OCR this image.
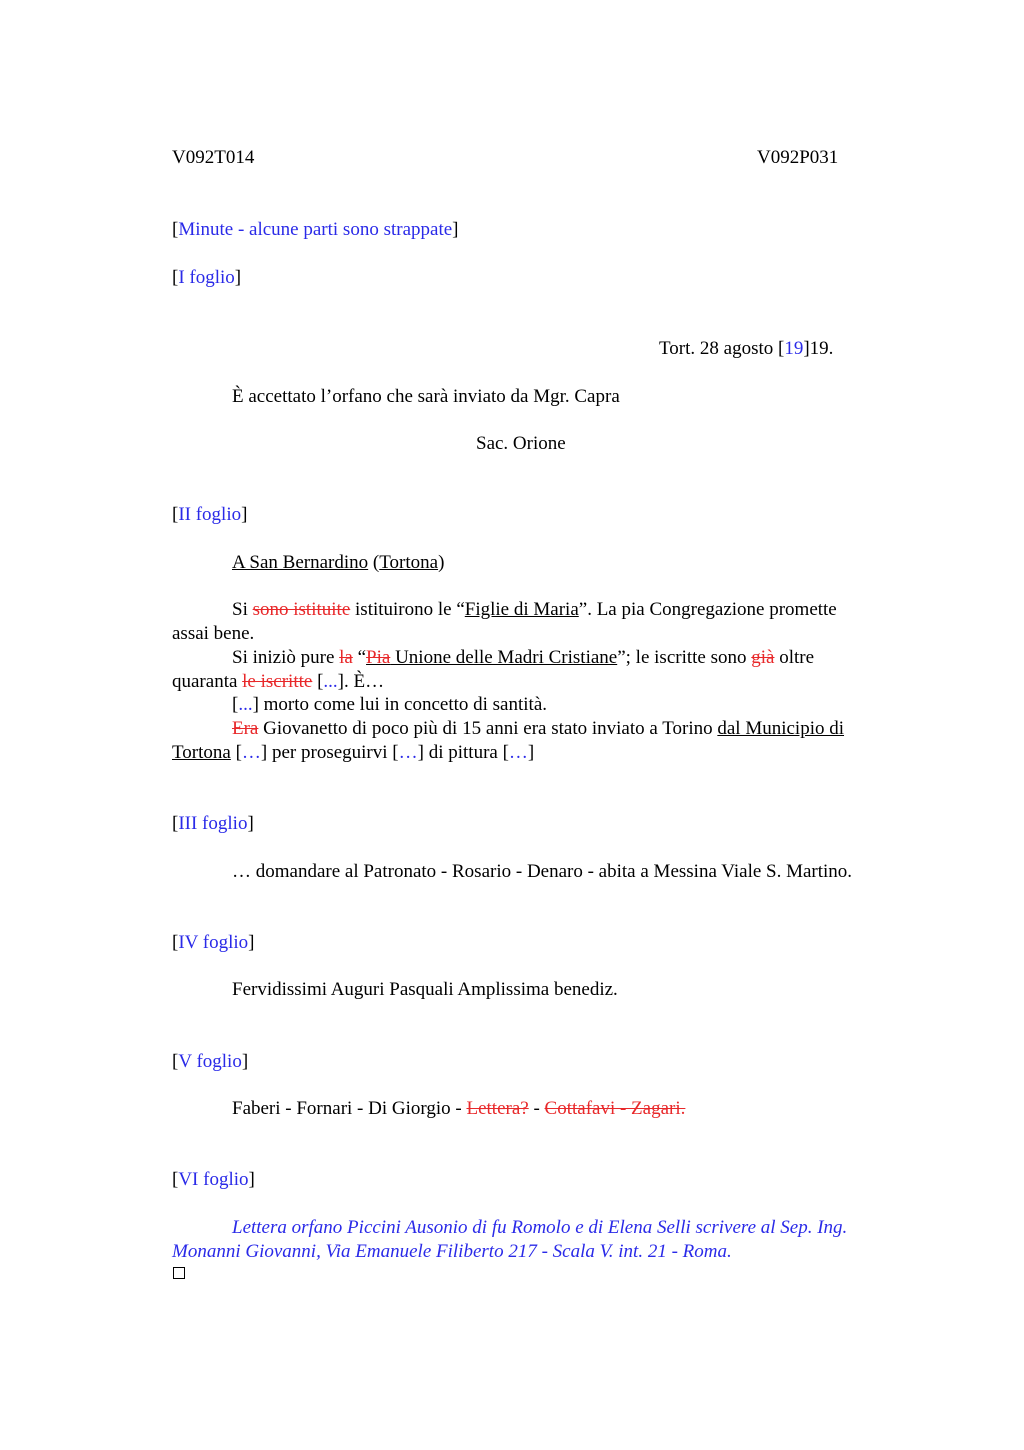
V092T014	V092P031
[Minute - alcune parti sono strappate]
[I foglio]
Tort. 28 agosto [19]19.
È accettato l’orfano che sarà inviato da Mgr. Capra
Sac. Orione
[II foglio]
A San Bernardino (Tortona)
Si sono istituite istituirono le “Figlie di Maria”. La pia Congregazione promette
assai bene.
Si iniziò pure la “Pia Unione delle Madri Cristiane”; le iscritte sono già oltre
quaranta le iscritte [...]. È…
[...] morto come lui in concetto di santità.
Era Giovanetto di poco più di 15 anni era stato inviato a Torino dal Municipio di
Tortona […] per proseguirvi […] di pittura […]
[III foglio]
… domandare al Patronato - Rosario - Denaro - abita a Messina Viale S. Martino.
[IV foglio]
Fervidissimi Auguri Pasquali Amplissima benediz.
[V foglio]
Faberi - Fornari - Di Giorgio - Lettera? - Cottafavi - Zagari.
[VI foglio]
Lettera orfano Piccini Ausonio di fu Romolo e di Elena Selli scrivere al Sep. Ing.
Monanni Giovanni, Via Emanuele Filiberto 217 - Scala V. int. 21 - Roma.
